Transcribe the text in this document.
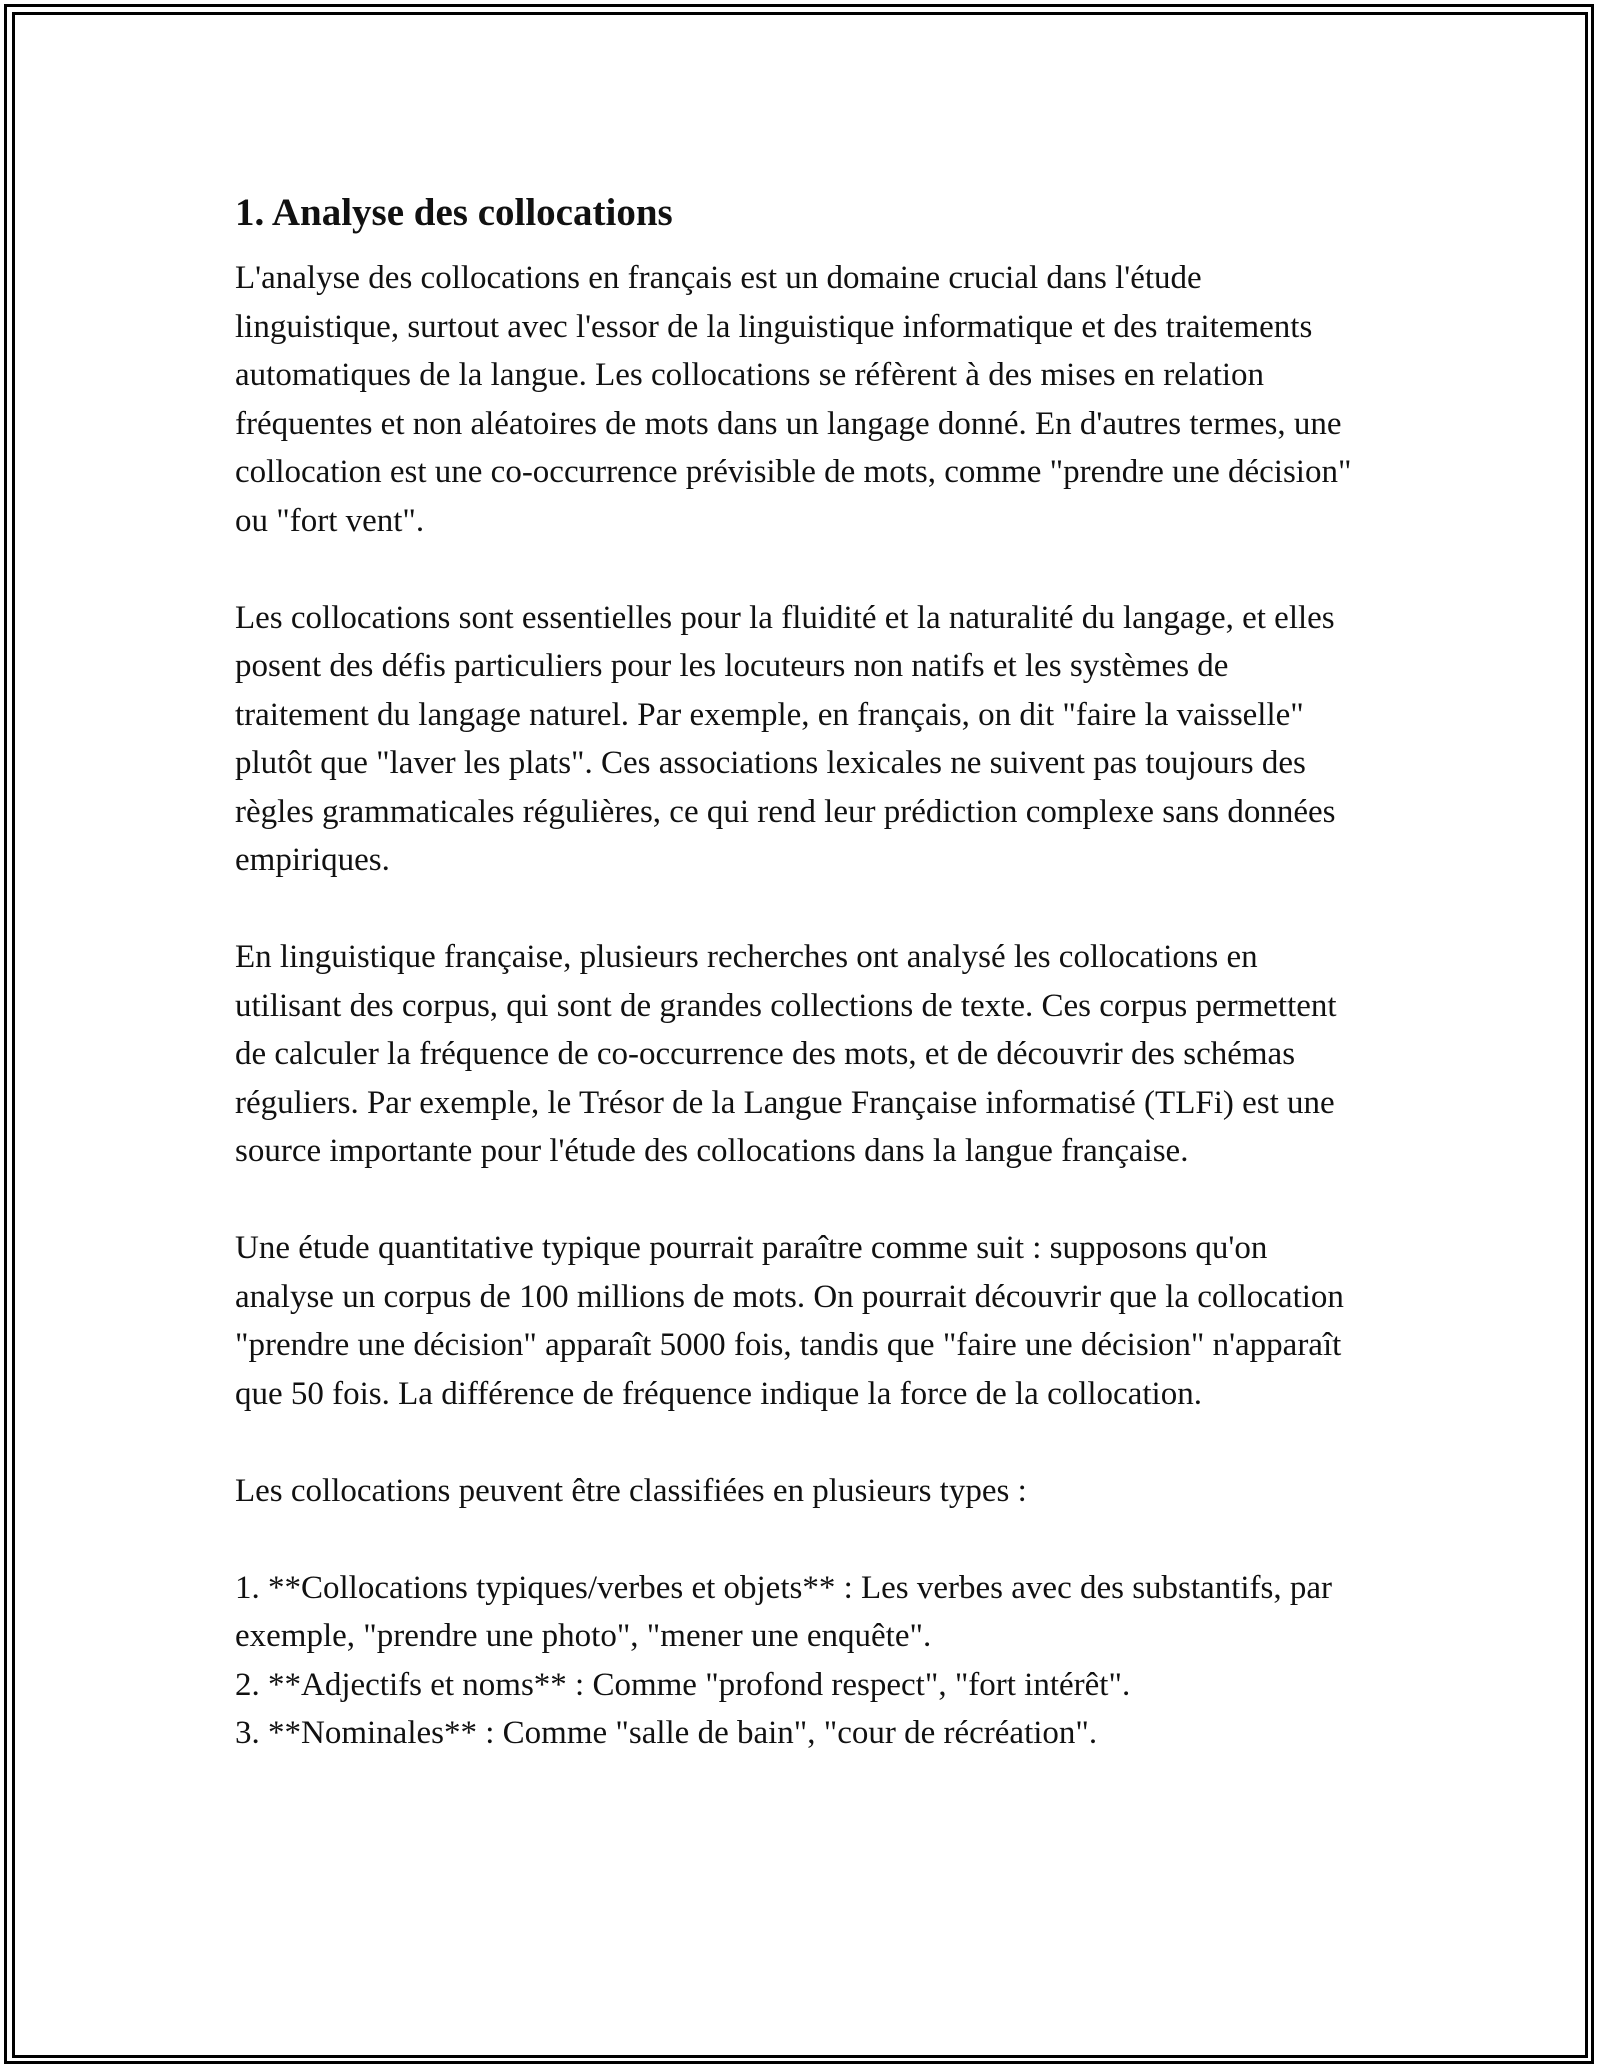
1. Analyse des collocations

L'analyse des collocations en français est un domaine crucial dans l'étude linguistique, surtout avec l'essor de la linguistique informatique et des traitements automatiques de la langue. Les collocations se réfèrent à des mises en relation fréquentes et non aléatoires de mots dans un langage donné. En d'autres termes, une collocation est une co-occurrence prévisible de mots, comme "prendre une décision" ou "fort vent".

Les collocations sont essentielles pour la fluidité et la naturalité du langage, et elles posent des défis particuliers pour les locuteurs non natifs et les systèmes de traitement du langage naturel. Par exemple, en français, on dit "faire la vaisselle" plutôt que "laver les plats". Ces associations lexicales ne suivent pas toujours des règles grammaticales régulières, ce qui rend leur prédiction complexe sans données empiriques.

En linguistique française, plusieurs recherches ont analysé les collocations en utilisant des corpus, qui sont de grandes collections de texte. Ces corpus permettent de calculer la fréquence de co-occurrence des mots, et de découvrir des schémas réguliers. Par exemple, le Trésor de la Langue Française informatisé (TLFi) est une source importante pour l'étude des collocations dans la langue française.

Une étude quantitative typique pourrait paraître comme suit : supposons qu'on analyse un corpus de 100 millions de mots. On pourrait découvrir que la collocation "prendre une décision" apparaît 5000 fois, tandis que "faire une décision" n'apparaît que 50 fois. La différence de fréquence indique la force de la collocation.

Les collocations peuvent être classifiées en plusieurs types :

1. **Collocations typiques/verbes et objets** : Les verbes avec des substantifs, par exemple, "prendre une photo", "mener une enquête".
2. **Adjectifs et noms** : Comme "profond respect", "fort intérêt".
3. **Nominales** : Comme "salle de bain", "cour de récréation".
